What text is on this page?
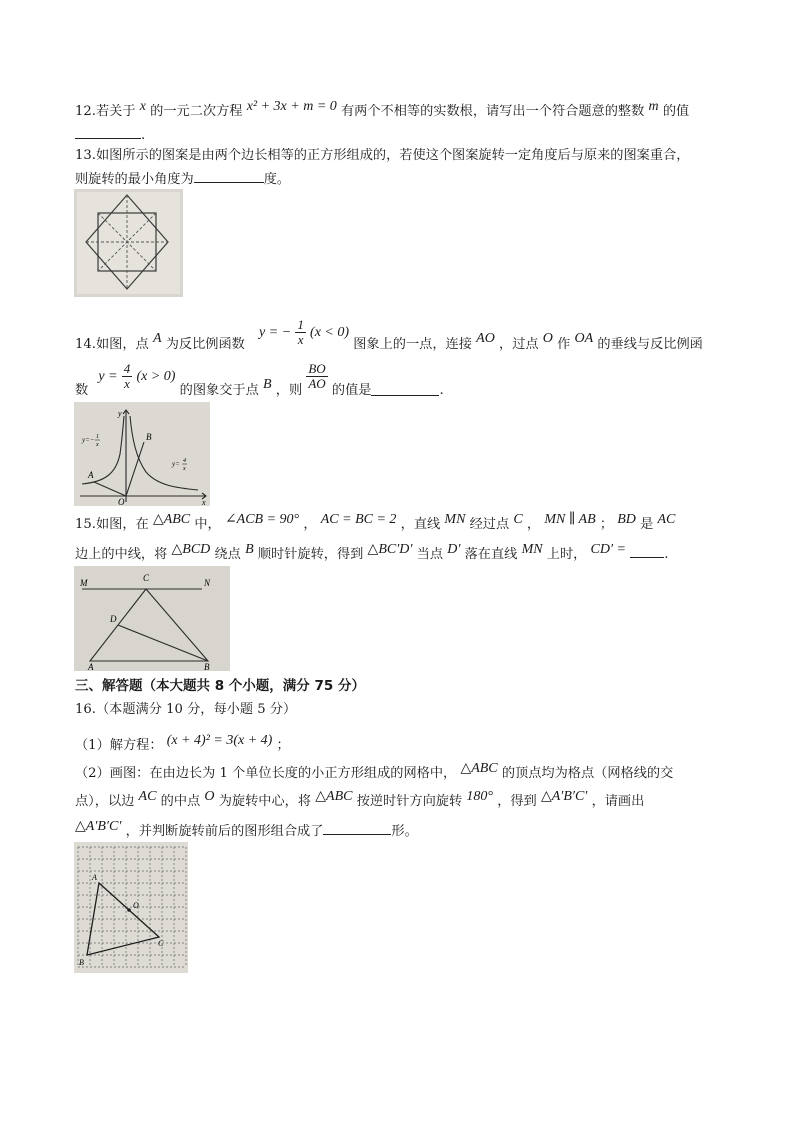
12.若关于 x 的一元二次方程 x² + 3x + m = 0 有两个不相等的实数根，请写出一个符合题意的整数 m 的值
.
13.如图所示的图案是由两个边长相等的正方形组成的，若使这个图案旋转一定角度后与原来的图案重合，
则旋转的最小角度为	度。
14.如图，点 A 为反比例函数 y = − $\frac{1}{x} (x < 0)$ 图象上的一点，连接 AO ，过点 O 作 OA 的垂线与反比例函
数 $y = \frac{4}{x} (x > 0)$ 的图象交于点 B ，则 $\frac{BO}{AO}$ 的值是	.
y
x
O
A
B
y=− 1
x
y= 4
x
15.如图，在 △ABC 中， ∠ACB = 90° ， AC = BC = 2 ，直线 MN 经过点 C ， MN ∥ AB ； BD 是 AC
边上的中线，将 △BCD 绕点 B 顺时针旋转，得到 △BC′D′ 当点 D′ 落在直线 MN 上时， CD′ =	.
M	N
C
D
A	B
三、解答题（本大题共 8 个小题，满分 75 分）
16.（本题满分 10 分，每小题 5 分）
（1）解方程： (x + 4)² = 3(x + 4) ；
（2）画图：在由边长为 1 个单位长度的小正方形组成的网格中， △ABC 的顶点均为格点（网格线的交
点），以边 AC 的中点 O 为旋转中心，将 △ABC 按逆时针方向旋转 180° ，得到 △A′B′C′ ，请画出
△A′B′C′ ，并判断旋转前后的图形组合成了	形。
A
B
C
O
